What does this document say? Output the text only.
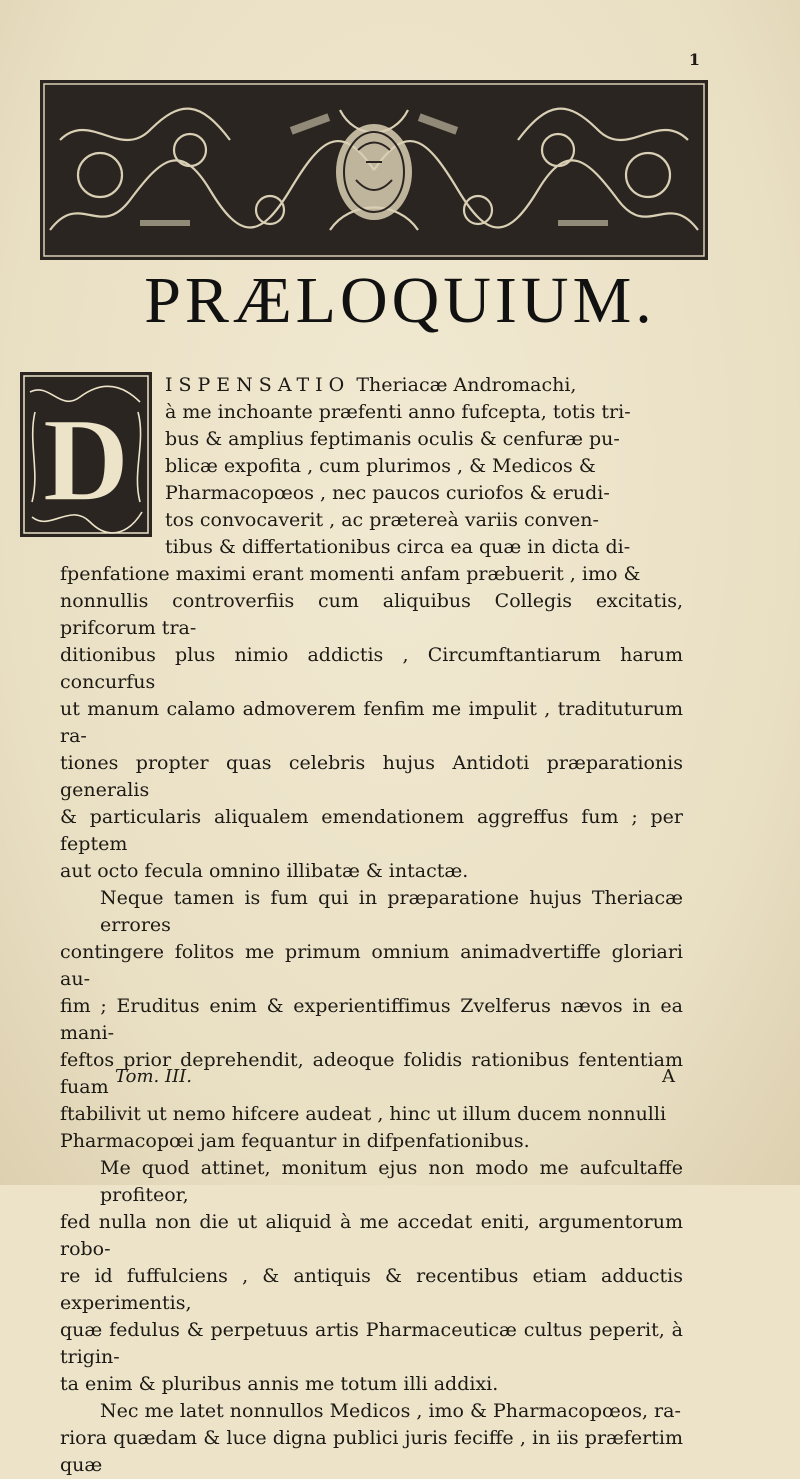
1
PRÆLOQUIUM.
D
ISPENSATIO Theriacæ Andromachi,
à me inchoante præfenti anno fufcepta, totis tri-
bus & amplius feptimanis oculis & cenfuræ pu-
blicæ expofita , cum plurimos , & Medicos &
Pharmacopœos , nec paucos curiofos & erudi-
tos convocaverit , ac prætereà variis conven-

tibus & differtationibus circa ea quæ in dicta di-
fpenfatione maximi erant momenti anfam præbuerit , imo &
nonnullis controverfiis cum aliquibus Collegis excitatis, prifcorum tra-
ditionibus plus nimio addictis , Circumftantiarum harum concurfus
ut manum calamo admoverem fenfim me impulit , tradituturum ra-
tiones propter quas celebris hujus Antidoti præparationis generalis
& particularis aliqualem emendationem aggreffus fum ; per feptem
aut octo fecula omnino illibatæ & intactæ.

Neque tamen is fum qui in præparatione hujus Theriacæ errores
contingere folitos me primum omnium animadvertiffe gloriari au-
fim ; Eruditus enim & experientiffimus Zvelferus nævos in ea mani-
feftos prior deprehendit, adeoque folidis rationibus fententiam fuam
ftabilivit ut nemo hifcere audeat , hinc ut illum ducem nonnulli
Pharmacopœi jam fequantur in difpenfationibus.

Me quod attinet, monitum ejus non modo me aufcultaffe profiteor,
fed nulla non die ut aliquid à me accedat eniti, argumentorum robo-
re id fuffulciens , & antiquis & recentibus etiam adductis experimentis,
quæ fedulus & perpetuus artis Pharmaceuticæ cultus peperit, à trigin-
ta enim & pluribus annis me totum illi addixi.

Nec me latet nonnullos Medicos , imo & Pharmacopœos, ra-
riora quædam & luce digna publici juris feciffe , in iis præfertim quæ

Tom. III.	A
